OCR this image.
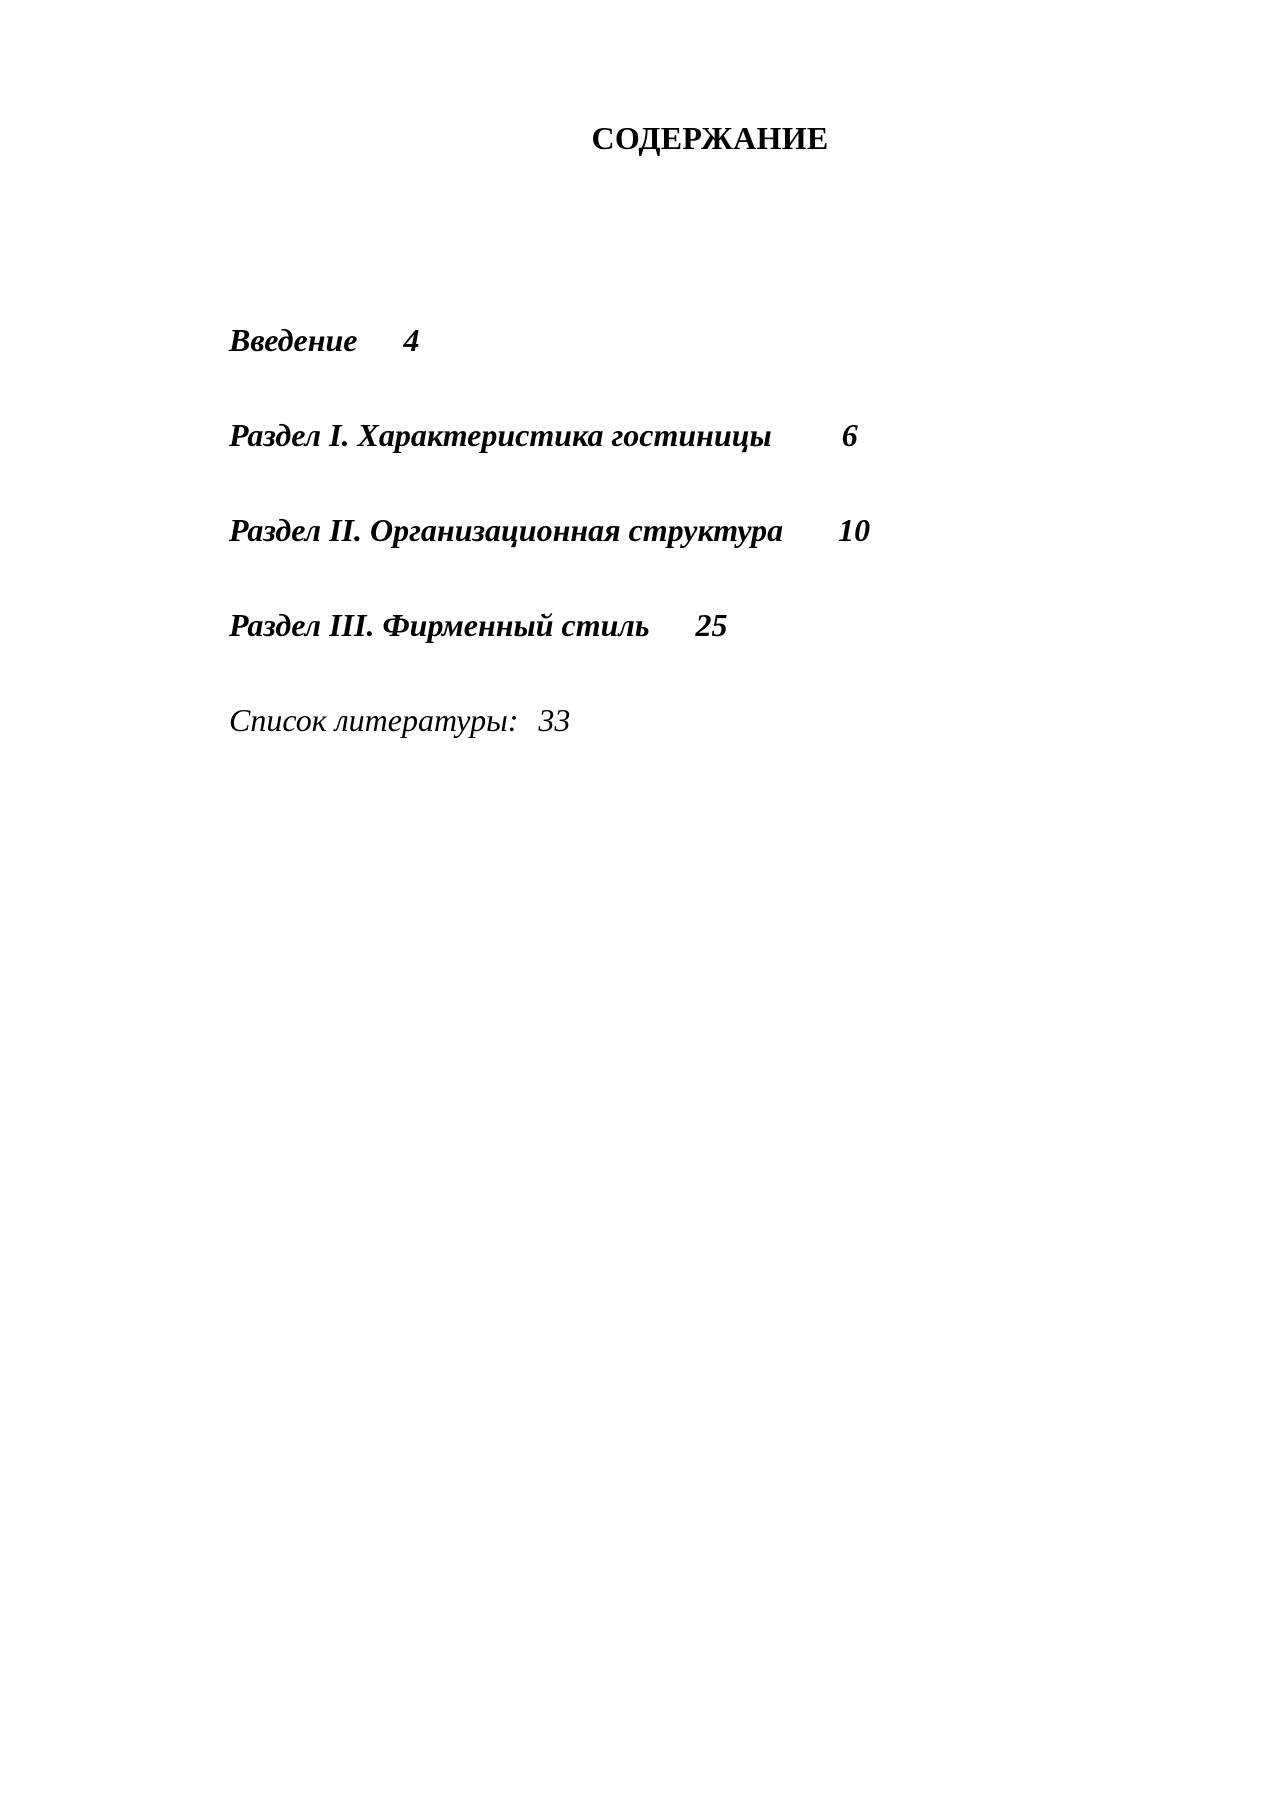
СОДЕРЖАНИЕ
Введение 4
Раздел I. Характеристика гостиницы 6
Раздел II. Организационная структура 10
Раздел III. Фирменный стиль 25
Список литературы: 33
